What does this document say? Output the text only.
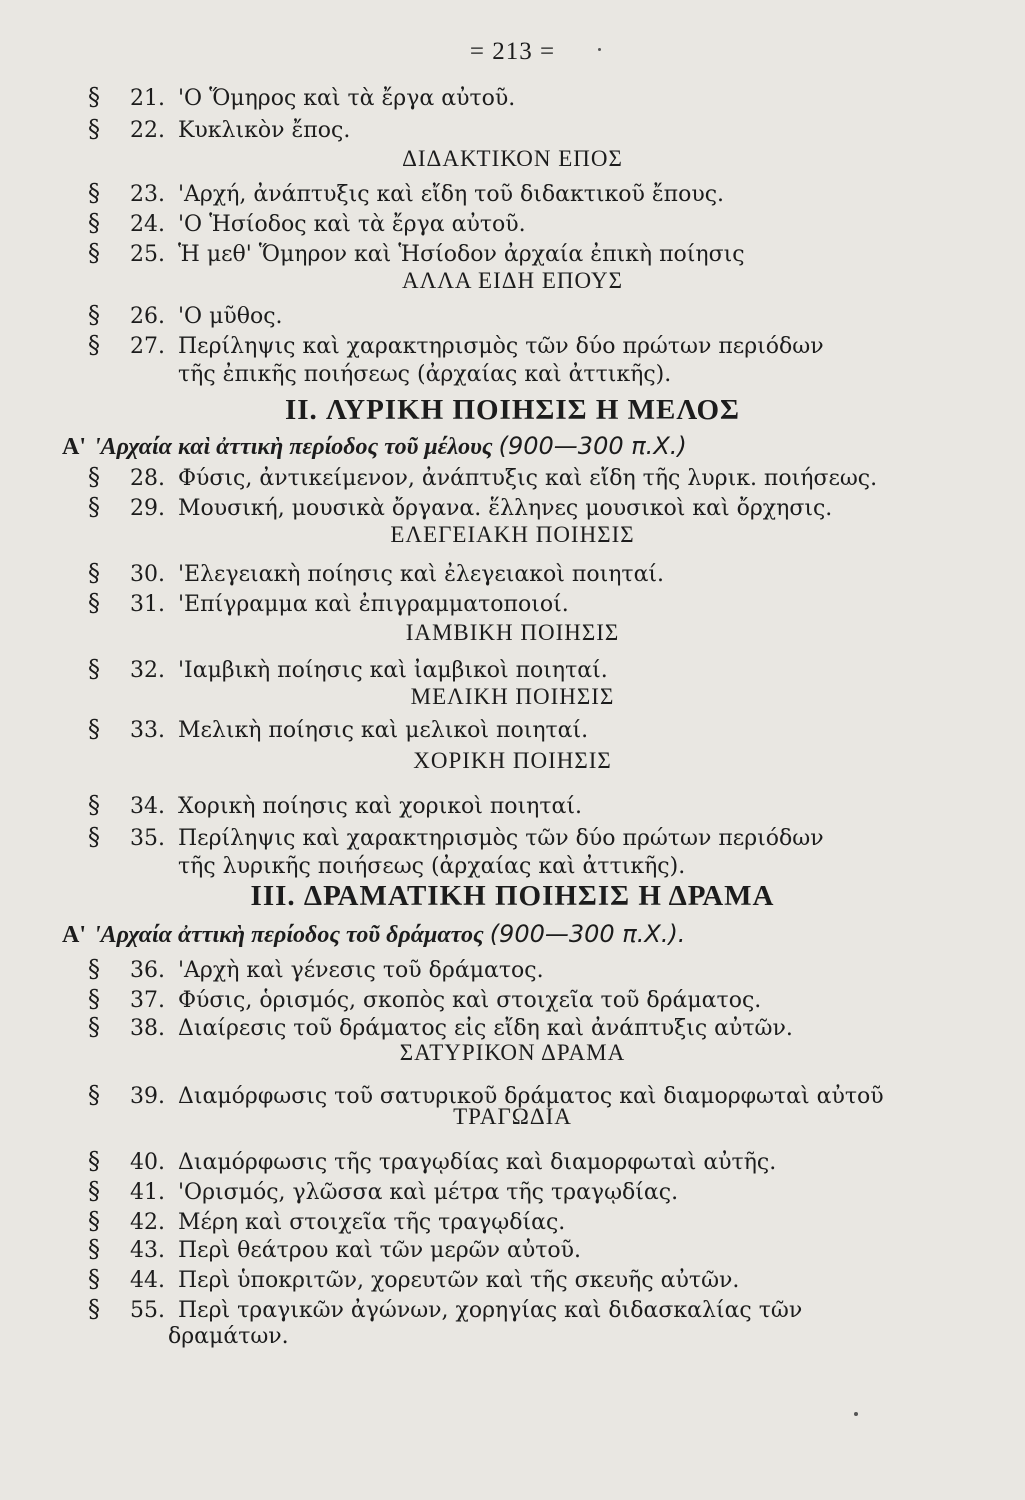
= 213 =
§ 21. 'Ο Ὅμηρος καὶ τὰ ἔργα αὐτοῦ.
§ 22. Κυκλικὸν ἔπος.
ΔΙΔΑΚΤΙΚΟΝ ΕΠΟΣ
§ 23. 'Αρχή, ἀνάπτυξις καὶ εἴδη τοῦ διδακτικοῦ ἔπους.
§ 24. 'Ο Ἡσίοδος καὶ τὰ ἔργα αὐτοῦ.
§ 25. Ἡ μεθ' Ὅμηρον καὶ Ἡσίοδον ἀρχαία ἐπικὴ ποίησις
ΑΛΛΑ ΕΙΔΗ ΕΠΟΥΣ
§ 26. 'Ο μῦθος.
§ 27. Περίληψις καὶ χαρακτηρισμὸς τῶν δύο πρώτων περιόδων
τῆς ἐπικῆς ποιήσεως (ἀρχαίας καὶ ἀττικῆς).
II. ΛΥΡΙΚΗ ΠΟΙΗΣΙΣ Η ΜΕΛΟΣ
Α' 'Αρχαία καὶ ἀττικὴ περίοδος τοῦ μέλους (900—300 π.Χ.)
§ 28. Φύσις, ἀντικείμενον, ἀνάπτυξις καὶ εἴδη τῆς λυρικ. ποιήσεως.
§ 29. Μουσική, μουσικὰ ὄργανα. ἕλληνες μουσικοὶ καὶ ὄρχησις.
ΕΛΕΓΕΙΑΚΗ ΠΟΙΗΣΙΣ
§ 30. 'Ελεγειακὴ ποίησις καὶ ἐλεγειακοὶ ποιηταί.
§ 31. 'Επίγραμμα καὶ ἐπιγραμματοποιοί.
ΙΑΜΒΙΚΗ ΠΟΙΗΣΙΣ
§ 32. 'Ιαμβικὴ ποίησις καὶ ἰαμβικοὶ ποιηταί.
ΜΕΛΙΚΗ ΠΟΙΗΣΙΣ
§ 33. Μελικὴ ποίησις καὶ μελικοὶ ποιηταί.
ΧΟΡΙΚΗ ΠΟΙΗΣΙΣ
§ 34. Χορικὴ ποίησις καὶ χορικοὶ ποιηταί.
§ 35. Περίληψις καὶ χαρακτηρισμὸς τῶν δύο πρώτων περιόδων
τῆς λυρικῆς ποιήσεως (ἀρχαίας καὶ ἀττικῆς).
III. ΔΡΑΜΑΤΙΚΗ ΠΟΙΗΣΙΣ Η ΔΡΑΜΑ
Α' 'Αρχαία ἀττικὴ περίοδος τοῦ δράματος (900—300 π.Χ.).
§ 36. 'Αρχὴ καὶ γένεσις τοῦ δράματος.
§ 37. Φύσις, ὁρισμός, σκοπὸς καὶ στοιχεῖα τοῦ δράματος.
§ 38. Διαίρεσις τοῦ δράματος εἰς εἴδη καὶ ἀνάπτυξις αὐτῶν.
ΣΑΤΥΡΙΚΟΝ ΔΡΑΜΑ
§ 39. Διαμόρφωσις τοῦ σατυρικοῦ δράματος καὶ διαμορφωταὶ αὐτοῦ
ΤΡΑΓΩΔΙΑ
§ 40. Διαμόρφωσις τῆς τραγῳδίας καὶ διαμορφωταὶ αὐτῆς.
§ 41. 'Ορισμός, γλῶσσα καὶ μέτρα τῆς τραγῳδίας.
§ 42. Μέρη καὶ στοιχεῖα τῆς τραγῳδίας.
§ 43. Περὶ θεάτρου καὶ τῶν μερῶν αὐτοῦ.
§ 44. Περὶ ὑποκριτῶν, χορευτῶν καὶ τῆς σκευῆς αὐτῶν.
§ 55. Περὶ τραγικῶν ἀγώνων, χορηγίας καὶ διδασκαλίας τῶν
δραμάτων.
